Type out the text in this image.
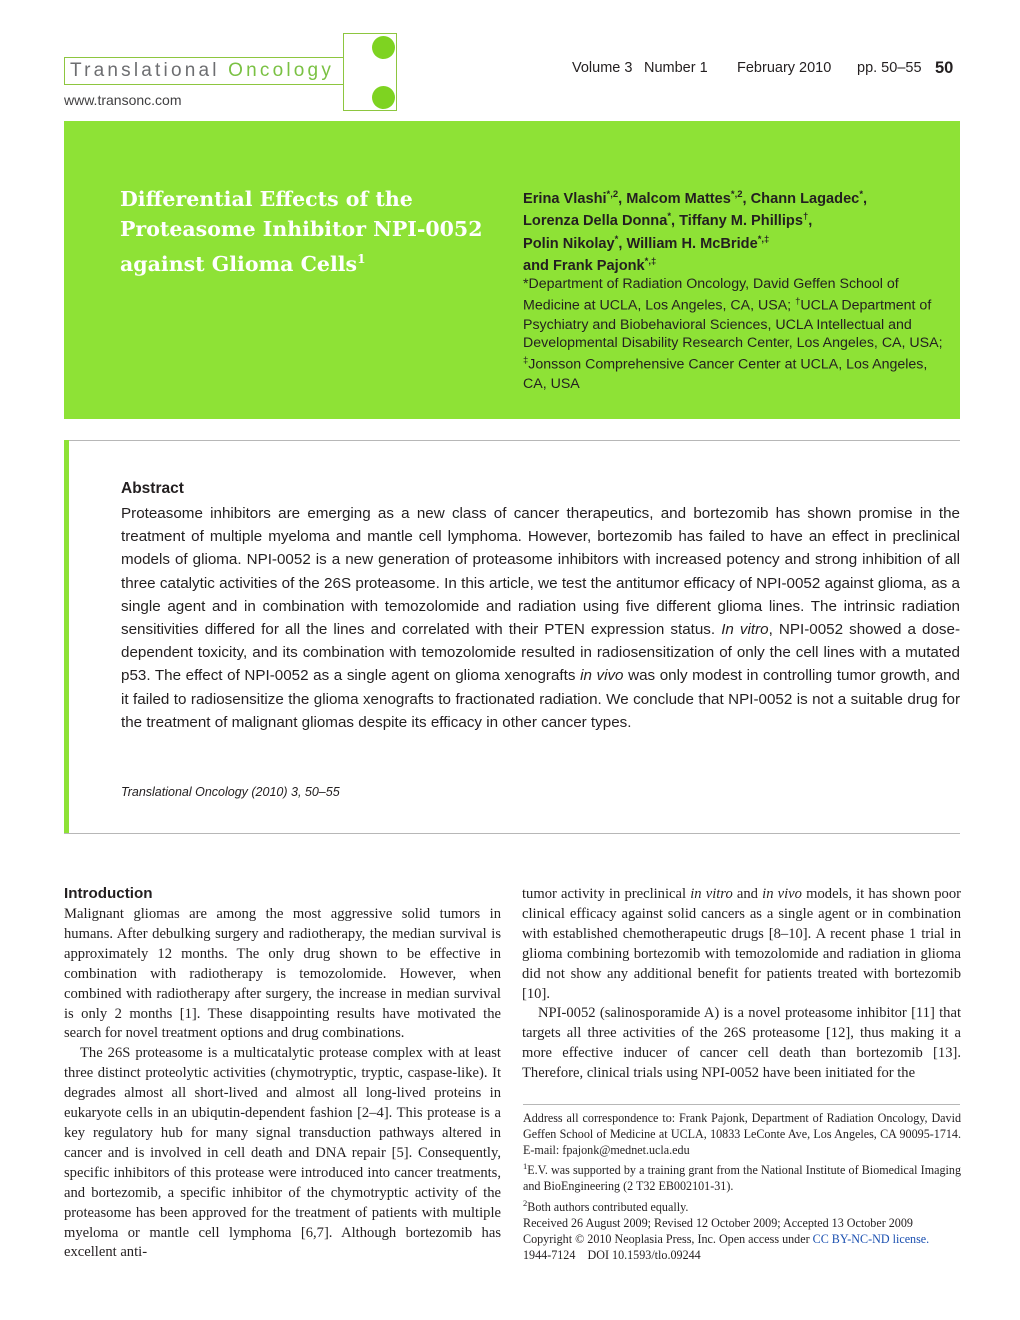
Translational Oncology
www.transonc.com
Volume 3 Number 1 February 2010 pp. 50–55 50
Differential Effects of the Proteasome Inhibitor NPI-0052 against Glioma Cells$^1$
Erina Vlashi$^{*,2}$, Malcom Mattes$^{*,2}$, Chann Lagadec*,
Lorenza Della Donna*, Tiffany M. Phillips†,
Polin Nikolay*, William H. McBride*,‡
and Frank Pajonk*,‡
*Department of Radiation Oncology, David Geffen School of Medicine at UCLA, Los Angeles, CA, USA; †UCLA Department of Psychiatry and Biobehavioral Sciences, UCLA Intellectual and Developmental Disability Research Center, Los Angeles, CA, USA; ‡Jonsson Comprehensive Cancer Center at UCLA, Los Angeles, CA, USA
Abstract
Proteasome inhibitors are emerging as a new class of cancer therapeutics, and bortezomib has shown promise in the treatment of multiple myeloma and mantle cell lymphoma. However, bortezomib has failed to have an effect in preclinical models of glioma. NPI-0052 is a new generation of proteasome inhibitors with increased potency and strong inhibition of all three catalytic activities of the 26S proteasome. In this article, we test the antitumor efficacy of NPI-0052 against glioma, as a single agent and in combination with temozolomide and radiation using five different glioma lines. The intrinsic radiation sensitivities differed for all the lines and correlated with their PTEN expression status. In vitro, NPI-0052 showed a dose-dependent toxicity, and its combination with temozolomide resulted in radiosensitization of only the cell lines with a mutated p53. The effect of NPI-0052 as a single agent on glioma xenografts in vivo was only modest in controlling tumor growth, and it failed to radiosensitize the glioma xenografts to fractionated radiation. We conclude that NPI-0052 is not a suitable drug for the treatment of malignant gliomas despite its efficacy in other cancer types.
Translational Oncology (2010) 3, 50–55
Introduction

Malignant gliomas are among the most aggressive solid tumors in humans. After debulking surgery and radiotherapy, the median survival is approximately 12 months. The only drug shown to be effective in combination with radiotherapy is temozolomide. However, when combined with radiotherapy after surgery, the increase in median survival is only 2 months [1]. These disappointing results have motivated the search for novel treatment options and drug combinations.

The 26S proteasome is a multicatalytic protease complex with at least three distinct proteolytic activities (chymotryptic, tryptic, caspase-like). It degrades almost all short-lived and almost all long-lived proteins in eukaryote cells in an ubiqutin-dependent fashion [2–4]. This protease is a key regulatory hub for many signal transduction pathways altered in cancer and is involved in cell death and DNA repair [5]. Consequently, specific inhibitors of this protease were introduced into cancer treatments, and bortezomib, a specific inhibitor of the chymotryptic activity of the proteasome has been approved for the treatment of patients with multiple myeloma or mantle cell lymphoma [6,7]. Although bortezomib has excellent anti-

tumor activity in preclinical in vitro and in vivo models, it has shown poor clinical efficacy against solid cancers as a single agent or in combination with established chemotherapeutic drugs [8–10]. A recent phase 1 trial in glioma combining bortezomib with temozolomide and radiation in glioma did not show any additional benefit for patients treated with bortezomib [10].

NPI-0052 (salinosporamide A) is a novel proteasome inhibitor [11] that targets all three activities of the 26S proteasome [12], thus making it a more effective inducer of cancer cell death than bortezomib [13]. Therefore, clinical trials using NPI-0052 have been initiated for the

Address all correspondence to: Frank Pajonk, Department of Radiation Oncology, David Geffen School of Medicine at UCLA, 10833 LeConte Ave, Los Angeles, CA 90095-1714. E-mail: fpajonk@mednet.ucla.edu

$^1$E.V. was supported by a training grant from the National Institute of Biomedical Imaging and BioEngineering (2 T32 EB002101-31).

$^2$Both authors contributed equally.

Received 26 August 2009; Revised 12 October 2009; Accepted 13 October 2009

Copyright © 2010 Neoplasia Press, Inc. Open access under CC BY-NC-ND license.

1944-7124 DOI 10.1593/tlo.09244
